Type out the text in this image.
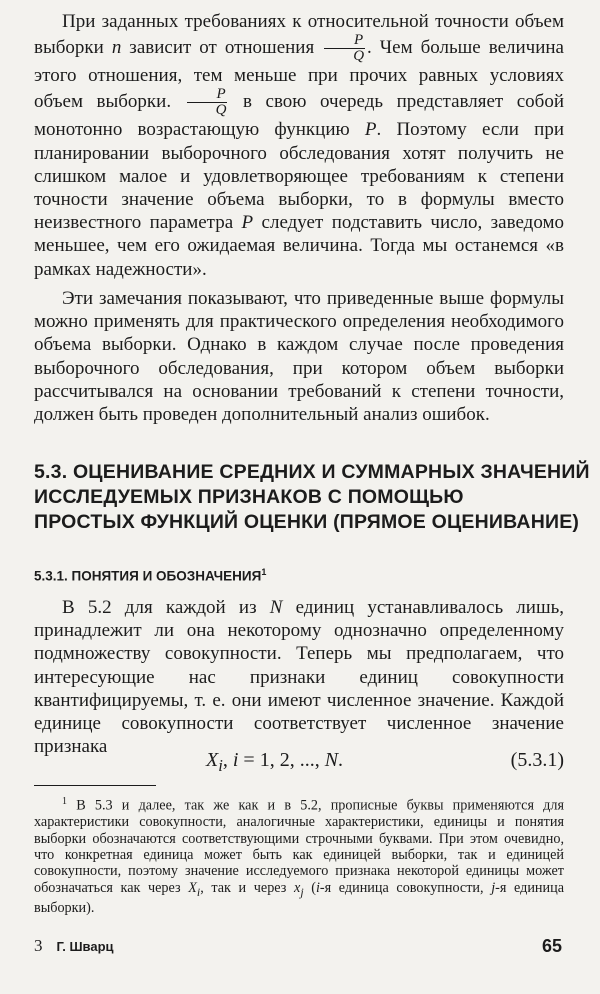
При заданных требованиях к относительной точности объем выборки n зависит от отношения $\frac{P}{Q}$ . Чем больше величина этого отношения, тем меньше при прочих равных условиях объем выборки. $\frac{P}{Q}$ в свою очередь представляет собой монотонно возрастающую функцию P. Поэтому если при планировании выборочного обследования хотят получить не слишком малое и удовлетворяющее требованиям к степени точности значение объема выборки, то в формулы вместо неизвестного параметра P следует подставить число, заведомо меньшее, чем его ожидаемая величина. Тогда мы останемся «в рамках надежности».

Эти замечания показывают, что приведенные выше формулы можно применять для практического определения необходимого объема выборки. Однако в каждом случае после проведения выборочного обследования, при котором объем выборки рассчитывался на основании требований к степени точности, должен быть проведен дополнительный анализ ошибок.

5.3. ОЦЕНИВАНИЕ СРЕДНИХ И СУММАРНЫХ ЗНАЧЕНИЙ
ИССЛЕДУЕМЫХ ПРИЗНАКОВ С ПОМОЩЬЮ
ПРОСТЫХ ФУНКЦИЙ ОЦЕНКИ (ПРЯМОЕ ОЦЕНИВАНИЕ)
5.3.1. ПОНЯТИЯ И ОБОЗНАЧЕНИЯ$^1$

В 5.2 для каждой из N единиц устанавливалось лишь, принадлежит ли она некоторому однозначно определенному подмножеству совокупности. Теперь мы предполагаем, что интересующие нас признаки единиц совокупности квантифицируемы, т. е. они имеют численное значение. Каждой единице совокупности соответствует численное значение признака

$X_i$, i = 1, 2, ..., N.	(5.3.1)

$^1$ В 5.3 и далее, так же как и в 5.2, прописные буквы применяются для характеристики совокупности, аналогичные характеристики, единицы и понятия выборки обозначаются соответствующими строчными буквами. При этом очевидно, что конкретная единица может быть как единицей выборки, так и единицей совокупности, поэтому значение исследуемого признака некоторой единицы может обозначаться как через $X_i$, так и через $x_j$ (i-я единица совокупности, j-я единица выборки).

3 Г. Шварц	65
